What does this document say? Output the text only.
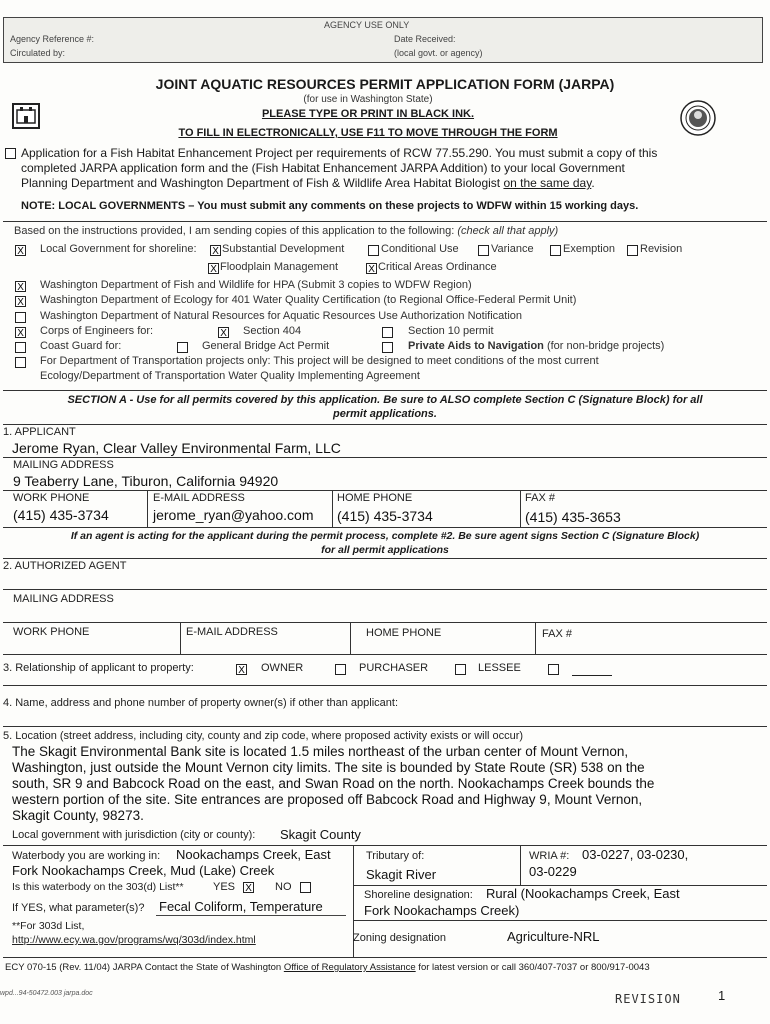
AGENCY USE ONLY
Agency Reference #:
Circulated by:
Date Received:
(local govt. or agency)
JOINT AQUATIC RESOURCES PERMIT APPLICATION FORM (JARPA)
(for use in Washington State)
PLEASE TYPE OR PRINT IN BLACK INK.
TO FILL IN ELECTRONICALLY, USE F11 TO MOVE THROUGH THE FORM
Application for a Fish Habitat Enhancement Project per requirements of RCW 77.55.290. You must submit a copy of this
completed JARPA application form and the (Fish Habitat Enhancement JARPA Addition) to your local Government
Planning Department and Washington Department of Fish & Wildlife Area Habitat Biologist on the same day.
NOTE: LOCAL GOVERNMENTS – You must submit any comments on these projects to WDFW within 15 working days.
Based on the instructions provided, I am sending copies of this application to the following: (check all that apply)
X Local Government for shoreline: X Substantial Development	Conditional Use	Variance	Exemption Revision
X Floodplain Management	X Critical Areas Ordinance
X Washington Department of Fish and Wildlife for HPA (Submit 3 copies to WDFW Region)
X Washington Department of Ecology for 401 Water Quality Certification (to Regional Office-Federal Permit Unit)
Washington Department of Natural Resources for Aquatic Resources Use Authorization Notification
X Corps of Engineers for:	X Section 404	Section 10 permit
Coast Guard for:	General Bridge Act Permit	Private Aids to Navigation (for non-bridge projects)
For Department of Transportation projects only: This project will be designed to meet conditions of the most current
Ecology/Department of Transportation Water Quality Implementing Agreement
SECTION A - Use for all permits covered by this application. Be sure to ALSO complete Section C (Signature Block) for all
permit applications.
1. APPLICANT
Jerome Ryan, Clear Valley Environmental Farm, LLC
MAILING ADDRESS
9 Teaberry Lane, Tiburon, California 94920
WORK PHONE
(415) 435-3734
E-MAIL ADDRESS
jerome_ryan@yahoo.com
HOME PHONE
(415) 435-3734
FAX #
(415) 435-3653
If an agent is acting for the applicant during the permit process, complete #2. Be sure agent signs Section C (Signature Block)
for all permit applications
2. AUTHORIZED AGENT
MAILING ADDRESS
WORK PHONE	E-MAIL ADDRESS	HOME PHONE	FAX #
3. Relationship of applicant to property:	X OWNER	PURCHASER	LESSEE
4. Name, address and phone number of property owner(s) if other than applicant:
5. Location (street address, including city, county and zip code, where proposed activity exists or will occur)
The Skagit Environmental Bank site is located 1.5 miles northeast of the urban center of Mount Vernon,
Washington, just outside the Mount Vernon city limits. The site is bounded by State Route (SR) 538 on the
south, SR 9 and Babcock Road on the east, and Swan Road on the north. Nookachamps Creek bounds the
western portion of the site. Site entrances are proposed off Babcock Road and Highway 9, Mount Vernon,
Skagit County, 98273.
Local government with jurisdiction (city or county): Skagit County
Waterbody you are working in: Nookachamps Creek, East
Fork Nookachamps Creek, Mud (Lake) Creek
Is this waterbody on the 303(d) List**	YES X NO
If YES, what parameter(s)? Fecal Coliform, Temperature
**For 303d List,
http://www.ecy.wa.gov/programs/wq/303d/index.html
Tributary of:
Skagit River
WRIA #: 03-0227, 03-0230,
03-0229
Shoreline designation: Rural (Nookachamps Creek, East
Fork Nookachamps Creek)
Zoning designation	Agriculture-NRL
ECY 070-15 (Rev. 11/04) JARPA Contact the State of Washington Office of Regulatory Assistance for latest version or call 360/407-7037 or 800/917-0043
wpd...94-50472.003 jarpa.doc	REVISION	1
